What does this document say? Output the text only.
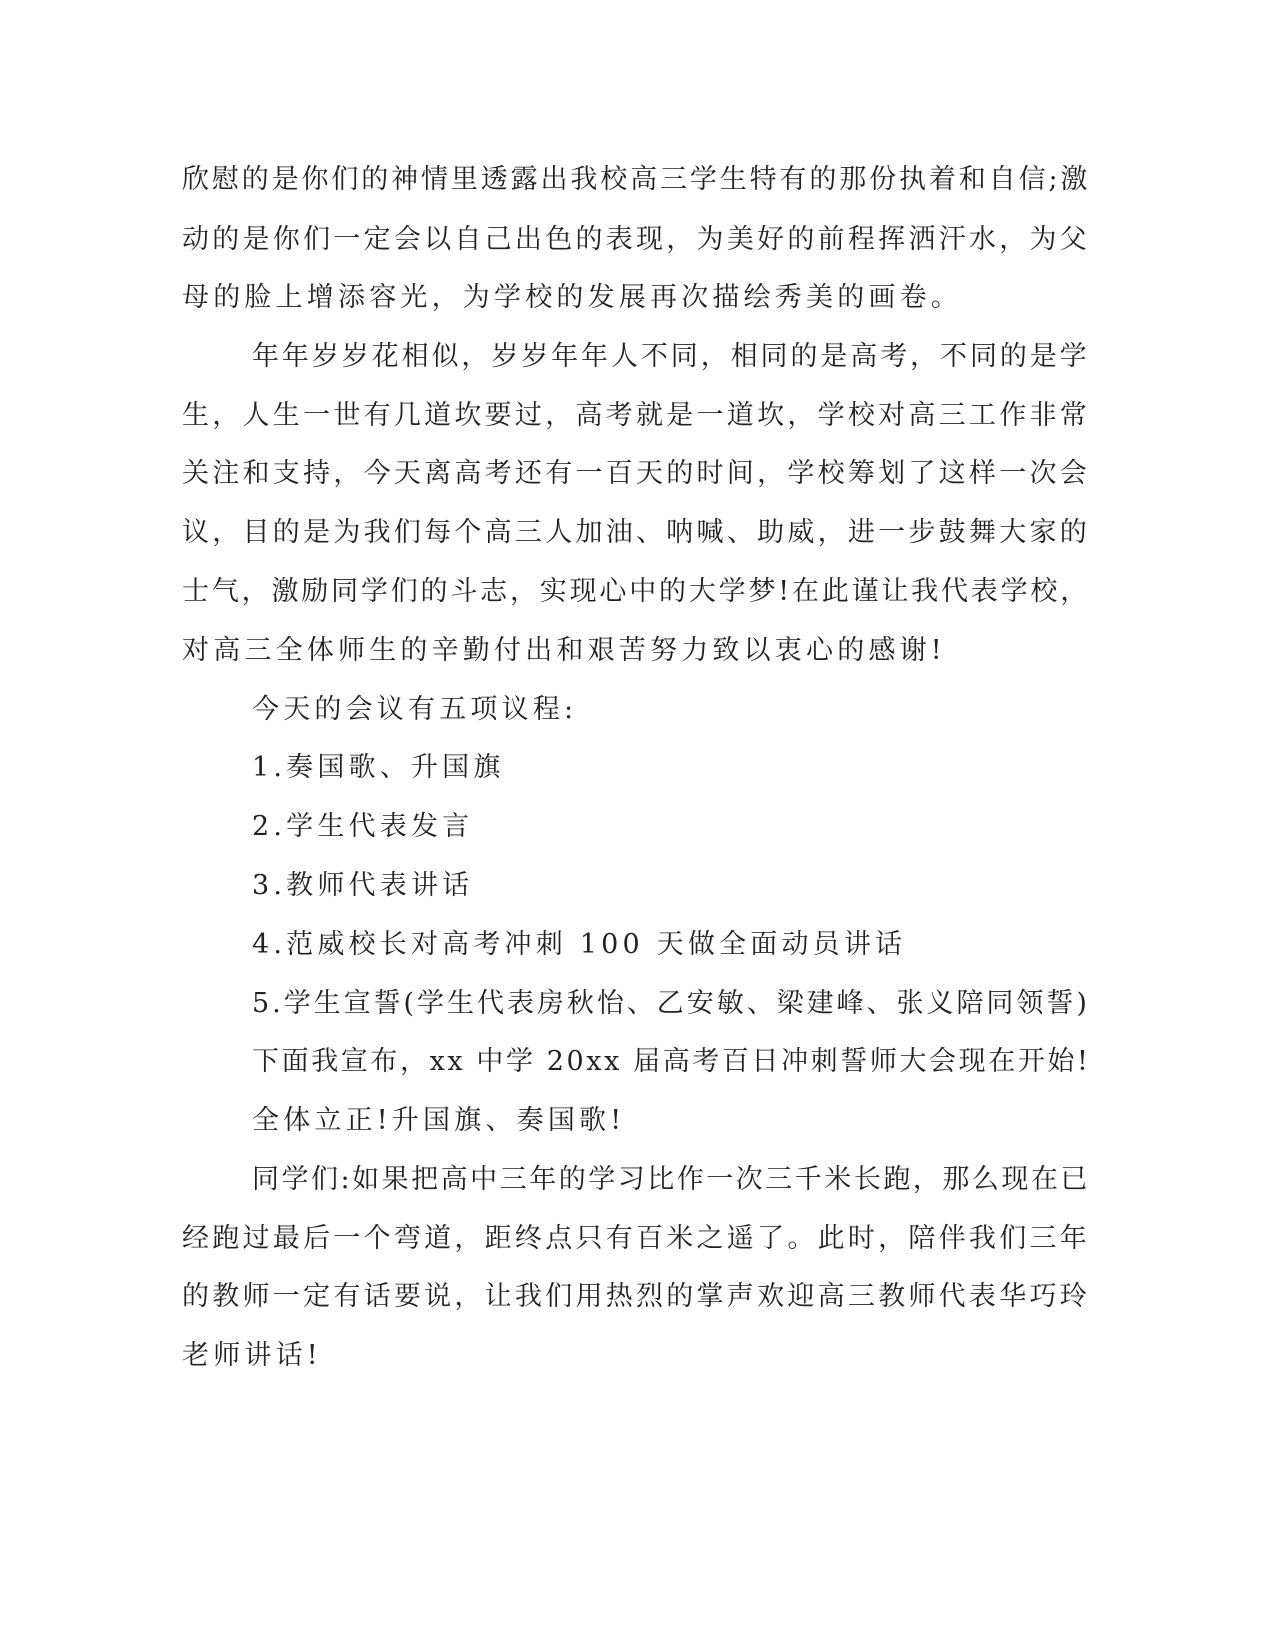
欣慰的是你们的神情里透露出我校高三学生特有的那份执着和自信;激
动的是你们一定会以自己出色的表现，为美好的前程挥洒汗水，为父
母的脸上增添容光，为学校的发展再次描绘秀美的画卷。
年年岁岁花相似，岁岁年年人不同，相同的是高考，不同的是学
生，人生一世有几道坎要过，高考就是一道坎，学校对高三工作非常
关注和支持，今天离高考还有一百天的时间，学校筹划了这样一次会
议，目的是为我们每个高三人加油、呐喊、助威，进一步鼓舞大家的
士气，激励同学们的斗志，实现心中的大学梦!在此谨让我代表学校，
对高三全体师生的辛勤付出和艰苦努力致以衷心的感谢!
今天的会议有五项议程:
1.奏国歌、升国旗
2.学生代表发言
3.教师代表讲话
4.范威校长对高考冲刺 100 天做全面动员讲话
5.学生宣誓(学生代表房秋怡、乙安敏、梁建峰、张义陪同领誓)
下面我宣布，xx 中学 20xx 届高考百日冲刺誓师大会现在开始!
全体立正!升国旗、奏国歌!
同学们:如果把高中三年的学习比作一次三千米长跑，那么现在已
经跑过最后一个弯道，距终点只有百米之遥了。此时，陪伴我们三年
的教师一定有话要说，让我们用热烈的掌声欢迎高三教师代表华巧玲
老师讲话!
